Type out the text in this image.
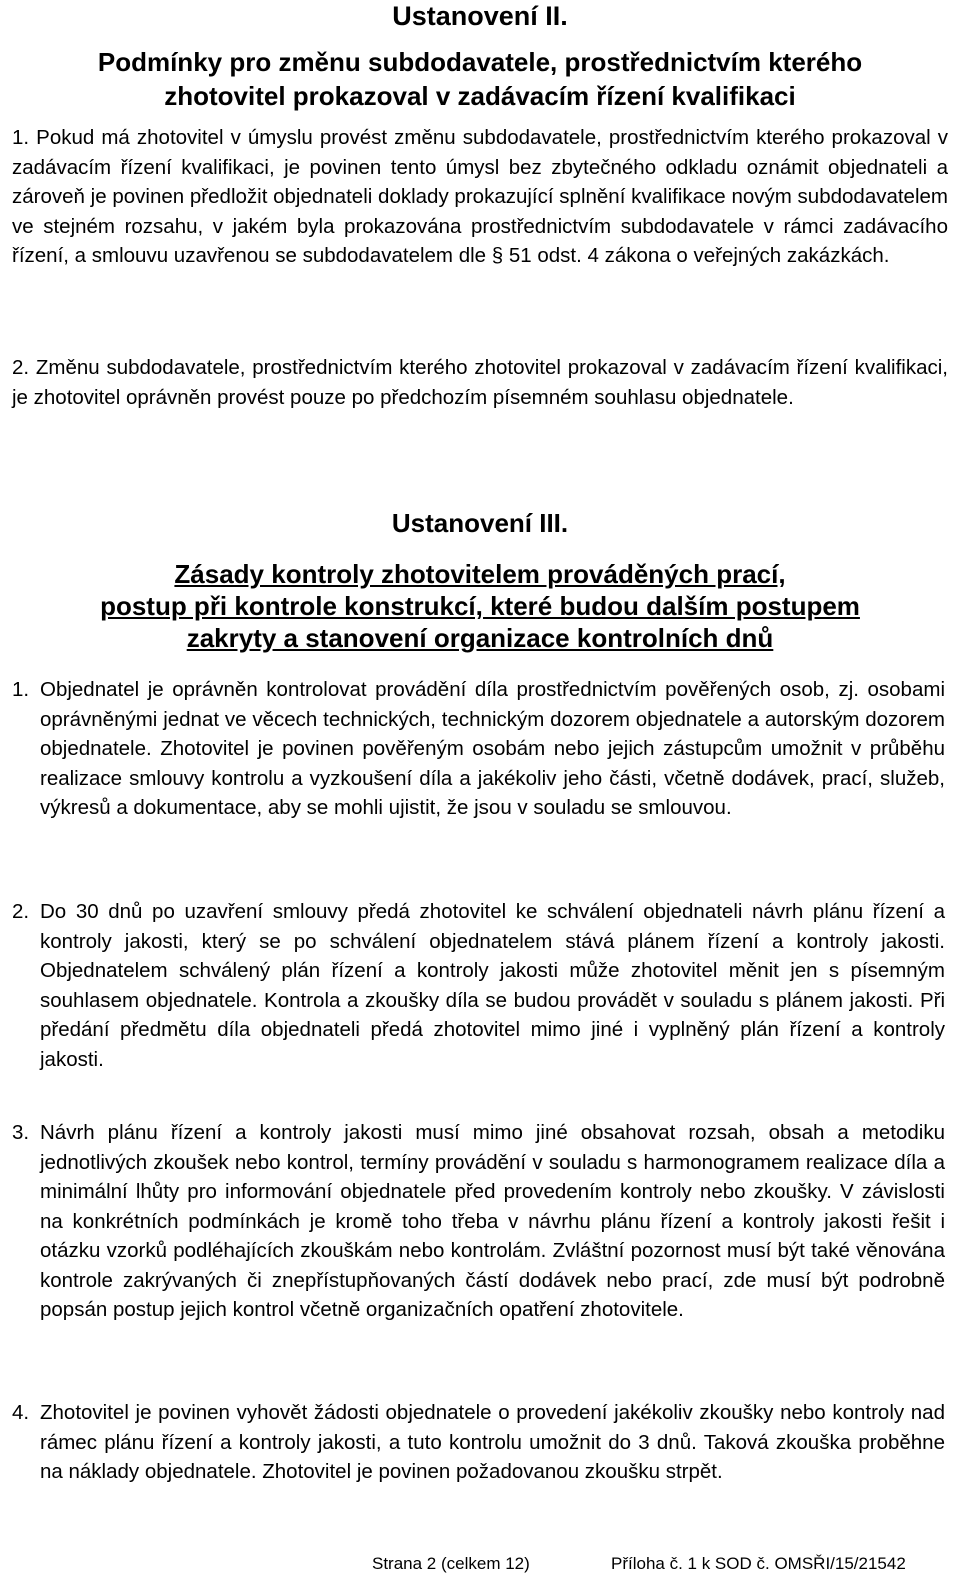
Ustanovení II.

Podmínky pro změnu subdodavatele, prostřednictvím kterého

zhotovitel prokazoval v zadávacím řízení kvalifikaci

1. Pokud má zhotovitel v úmyslu provést změnu subdodavatele, prostřednictvím kterého prokazoval v zadávacím řízení kvalifikaci, je povinen tento úmysl bez zbytečného odkladu oznámit objednateli a zároveň je povinen předložit objednateli doklady prokazující splnění kvalifikace novým subdodavatelem ve stejném rozsahu, v jakém byla prokazována prostřednictvím subdodavatele v rámci zadávacího řízení, a smlouvu uzavřenou se subdodavatelem dle § 51 odst. 4 zákona o veřejných zakázkách.

2. Změnu subdodavatele, prostřednictvím kterého zhotovitel prokazoval v zadávacím řízení kvalifikaci, je zhotovitel oprávněn provést pouze po předchozím písemném souhlasu objednatele.

Ustanovení III.

Zásady kontroly zhotovitelem prováděných prací,

postup při kontrole konstrukcí, které budou dalším postupem

zakryty a stanovení organizace kontrolních dnů

1. Objednatel je oprávněn kontrolovat provádění díla prostřednictvím pověřených osob, zj. osobami oprávněnými jednat ve věcech technických, technickým dozorem objednatele a autorským dozorem objednatele. Zhotovitel je povinen pověřeným osobám nebo jejich zástupcům umožnit v průběhu realizace smlouvy kontrolu a vyzkoušení díla a jakékoliv jeho části, včetně dodávek, prací, služeb, výkresů a dokumentace, aby se mohli ujistit, že jsou v souladu se smlouvou.
2. Do 30 dnů po uzavření smlouvy předá zhotovitel ke schválení objednateli návrh plánu řízení a kontroly jakosti, který se po schválení objednatelem stává plánem řízení a kontroly jakosti. Objednatelem schválený plán řízení a kontroly jakosti může zhotovitel měnit jen s písemným souhlasem objednatele. Kontrola a zkoušky díla se budou provádět v souladu s plánem jakosti. Při předání předmětu díla objednateli předá zhotovitel mimo jiné i vyplněný plán řízení a kontroly jakosti.
3. Návrh plánu řízení a kontroly jakosti musí mimo jiné obsahovat rozsah, obsah a metodiku jednotlivých zkoušek nebo kontrol, termíny provádění v souladu s harmonogramem realizace díla a minimální lhůty pro informování objednatele před provedením kontroly nebo zkoušky. V závislosti na konkrétních podmínkách je kromě toho třeba v návrhu plánu řízení a kontroly jakosti řešit i otázku vzorků podléhajících zkouškám nebo kontrolám. Zvláštní pozornost musí být také věnována kontrole zakrývaných či znepřístupňovaných částí dodávek nebo prací, zde musí být podrobně popsán postup jejich kontrol včetně organizačních opatření zhotovitele.
4. Zhotovitel je povinen vyhovět žádosti objednatele o provedení jakékoliv zkoušky nebo kontroly nad rámec plánu řízení a kontroly jakosti, a tuto kontrolu umožnit do 3 dnů. Taková zkouška proběhne na náklady objednatele. Zhotovitel je povinen požadovanou zkoušku strpět.
Strana 2 (celkem 12)	Příloha č. 1 k SOD č. OMSŘI/15/21542
